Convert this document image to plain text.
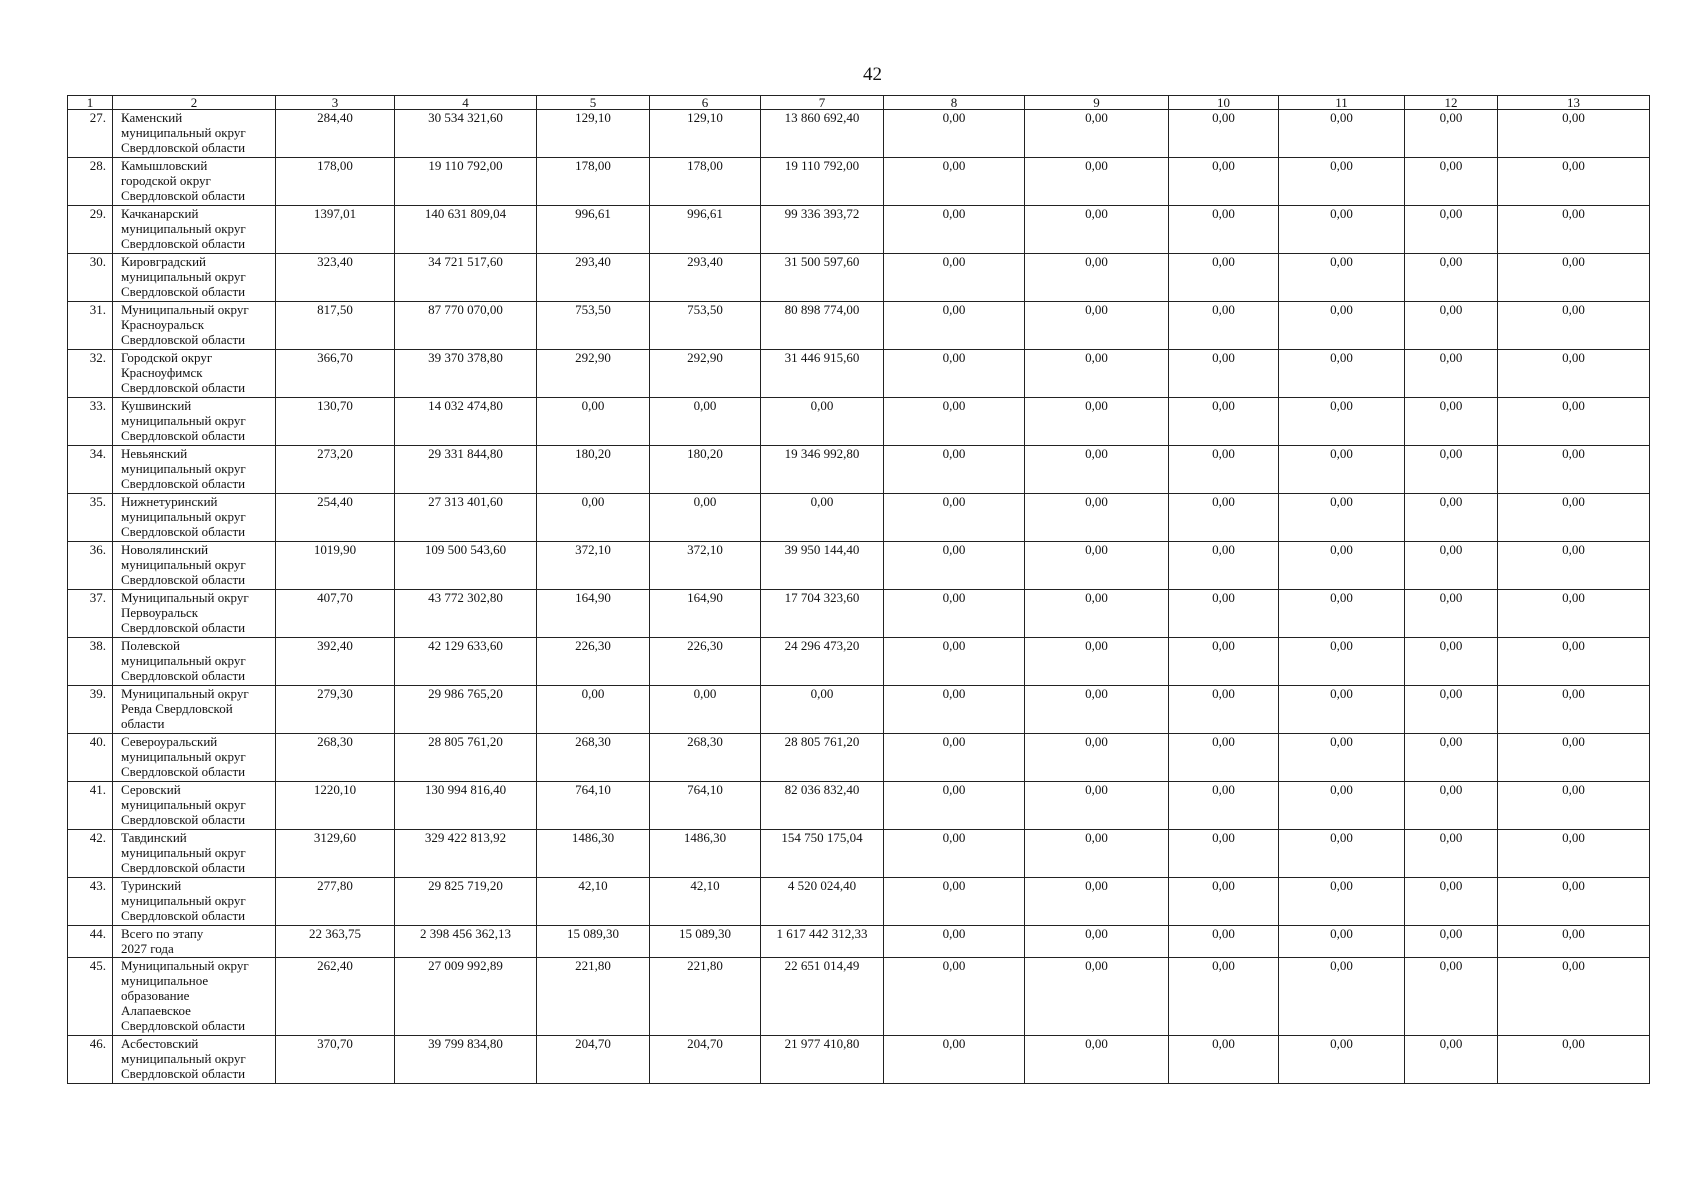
42
1	2	3	4	5	6	7	8	9	10	11	12	13
27.	Каменский
муниципальный округ
Свердловской области	284,40	30 534 321,60	129,10	129,10	13 860 692,40	0,00	0,00	0,00	0,00	0,00	0,00
28.	Камышловский
городской округ
Свердловской области	178,00	19 110 792,00	178,00	178,00	19 110 792,00	0,00	0,00	0,00	0,00	0,00	0,00
29.	Качканарский
муниципальный округ
Свердловской области	1397,01	140 631 809,04	996,61	996,61	99 336 393,72	0,00	0,00	0,00	0,00	0,00	0,00
30.	Кировградский
муниципальный округ
Свердловской области	323,40	34 721 517,60	293,40	293,40	31 500 597,60	0,00	0,00	0,00	0,00	0,00	0,00
31.	Муниципальный округ
Красноуральск
Свердловской области	817,50	87 770 070,00	753,50	753,50	80 898 774,00	0,00	0,00	0,00	0,00	0,00	0,00
32.	Городской округ
Красноуфимск
Свердловской области	366,70	39 370 378,80	292,90	292,90	31 446 915,60	0,00	0,00	0,00	0,00	0,00	0,00
33.	Кушвинский
муниципальный округ
Свердловской области	130,70	14 032 474,80	0,00	0,00	0,00	0,00	0,00	0,00	0,00	0,00	0,00
34.	Невьянский
муниципальный округ
Свердловской области	273,20	29 331 844,80	180,20	180,20	19 346 992,80	0,00	0,00	0,00	0,00	0,00	0,00
35.	Нижнетуринский
муниципальный округ
Свердловской области	254,40	27 313 401,60	0,00	0,00	0,00	0,00	0,00	0,00	0,00	0,00	0,00
36.	Новолялинский
муниципальный округ
Свердловской области	1019,90	109 500 543,60	372,10	372,10	39 950 144,40	0,00	0,00	0,00	0,00	0,00	0,00
37.	Муниципальный округ
Первоуральск
Свердловской области	407,70	43 772 302,80	164,90	164,90	17 704 323,60	0,00	0,00	0,00	0,00	0,00	0,00
38.	Полевской
муниципальный округ
Свердловской области	392,40	42 129 633,60	226,30	226,30	24 296 473,20	0,00	0,00	0,00	0,00	0,00	0,00
39.	Муниципальный округ
Ревда Свердловской
области	279,30	29 986 765,20	0,00	0,00	0,00	0,00	0,00	0,00	0,00	0,00	0,00
40.	Североуральский
муниципальный округ
Свердловской области	268,30	28 805 761,20	268,30	268,30	28 805 761,20	0,00	0,00	0,00	0,00	0,00	0,00
41.	Серовский
муниципальный округ
Свердловской области	1220,10	130 994 816,40	764,10	764,10	82 036 832,40	0,00	0,00	0,00	0,00	0,00	0,00
42.	Тавдинский
муниципальный округ
Свердловской области	3129,60	329 422 813,92	1486,30	1486,30	154 750 175,04	0,00	0,00	0,00	0,00	0,00	0,00
43.	Туринский
муниципальный округ
Свердловской области	277,80	29 825 719,20	42,10	42,10	4 520 024,40	0,00	0,00	0,00	0,00	0,00	0,00
44.	Всего по этапу
2027 года	22 363,75	2 398 456 362,13	15 089,30	15 089,30	1 617 442 312,33	0,00	0,00	0,00	0,00	0,00	0,00
45.	Муниципальный округ
муниципальное
образование
Алапаевское
Свердловской области	262,40	27 009 992,89	221,80	221,80	22 651 014,49	0,00	0,00	0,00	0,00	0,00	0,00
46.	Асбестовский
муниципальный округ
Свердловской области	370,70	39 799 834,80	204,70	204,70	21 977 410,80	0,00	0,00	0,00	0,00	0,00	0,00
